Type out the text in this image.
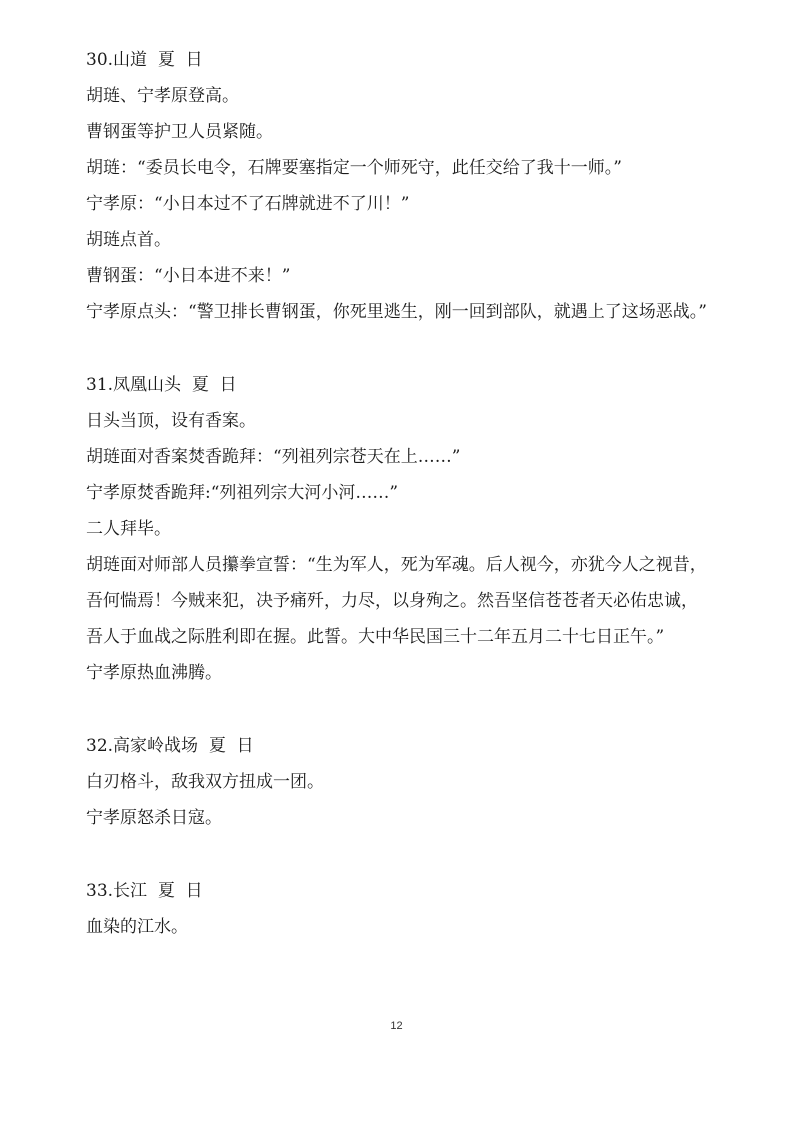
30.山道  夏  日

胡琏、宁孝原登高。

曹钢蛋等护卫人员紧随。

胡琏：“委员长电令，石牌要塞指定一个师死守，此任交给了我十一师。”

宁孝原：“小日本过不了石牌就进不了川！”

胡琏点首。

曹钢蛋：“小日本进不来！”

宁孝原点头：“警卫排长曹钢蛋，你死里逃生，刚一回到部队，就遇上了这场恶战。”

31.凤凰山头  夏  日

日头当顶，设有香案。

胡琏面对香案焚香跪拜：“列祖列宗苍天在上……”

宁孝原焚香跪拜:“列祖列宗大河小河……”

二人拜毕。

胡琏面对师部人员攥拳宣誓：“生为军人，死为军魂。后人视今，亦犹今人之视昔，吾何惴焉！今贼来犯，决予痛歼，力尽，以身殉之。然吾坚信苍苍者天必佑忠诚，吾人于血战之际胜利即在握。此誓。大中华民国三十二年五月二十七日正午。”

宁孝原热血沸腾。

32.高家岭战场  夏  日

白刃格斗，敌我双方扭成一团。

宁孝原怒杀日寇。

33.长江  夏  日

血染的江水。

12
